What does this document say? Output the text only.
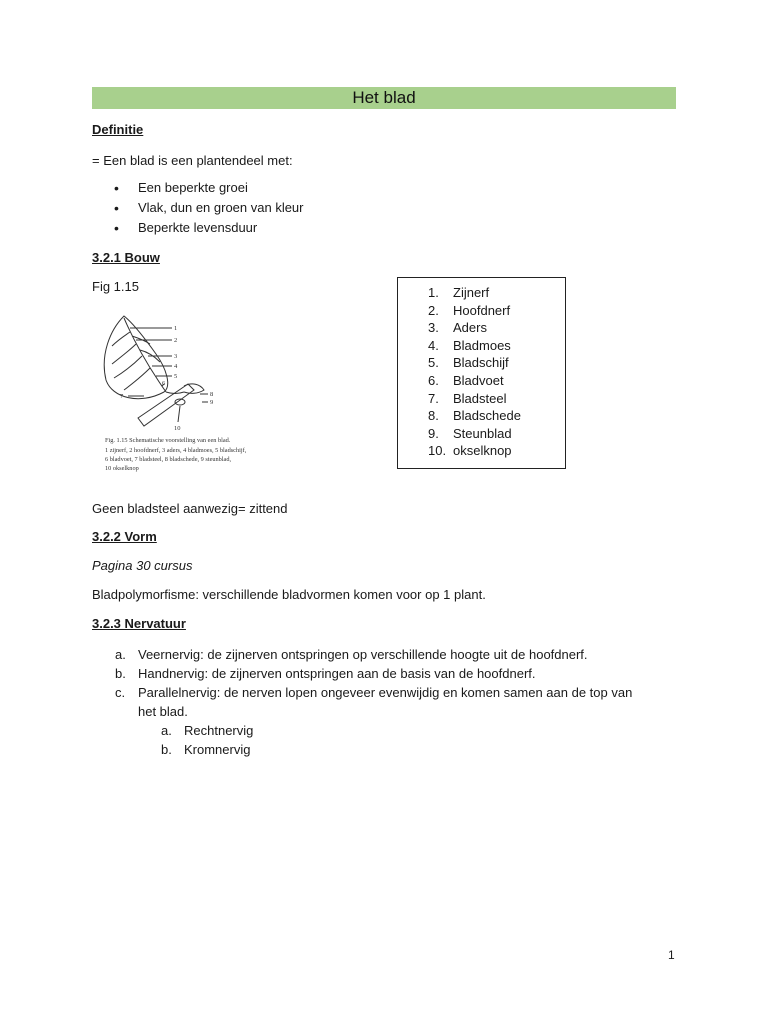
Het blad
Definitie
= Een blad is een plantendeel met:
• Een beperkte groei
• Vlak, dun en groen van kleur
• Beperkte levensduur
3.2.1 Bouw
Fig 1.15
1
2
3
4
5
6
7	8
9
10
Fig. 1.15 Schematische voorstelling van een blad.
1 zijnerf, 2 hoofdnerf, 3 aders, 4 bladmoes, 5 bladschijf,
6 bladvoet, 7 bladsteel, 8 bladschede, 9 steunblad,
10 okselknop
1.	Zijnerf
2.	Hoofdnerf
3.	Aders
4.	Bladmoes
5.	Bladschijf
6.	Bladvoet
7.	Bladsteel
8.	Bladschede
9.	Steunblad
10. okselknop
Geen bladsteel aanwezig= zittend
3.2.2 Vorm
Pagina 30 cursus
Bladpolymorfisme: verschillende bladvormen komen voor op 1 plant.
3.2.3 Nervatuur
a. Veernervig: de zijnerven ontspringen op verschillende hoogte uit de hoofdnerf.
b. Handnervig: de zijnerven ontspringen aan de basis van de hoofdnerf.
c. Parallelnervig: de nerven lopen ongeveer evenwijdig en komen samen aan de top van
het blad.
a. Rechtnervig
b. Kromnervig
1
